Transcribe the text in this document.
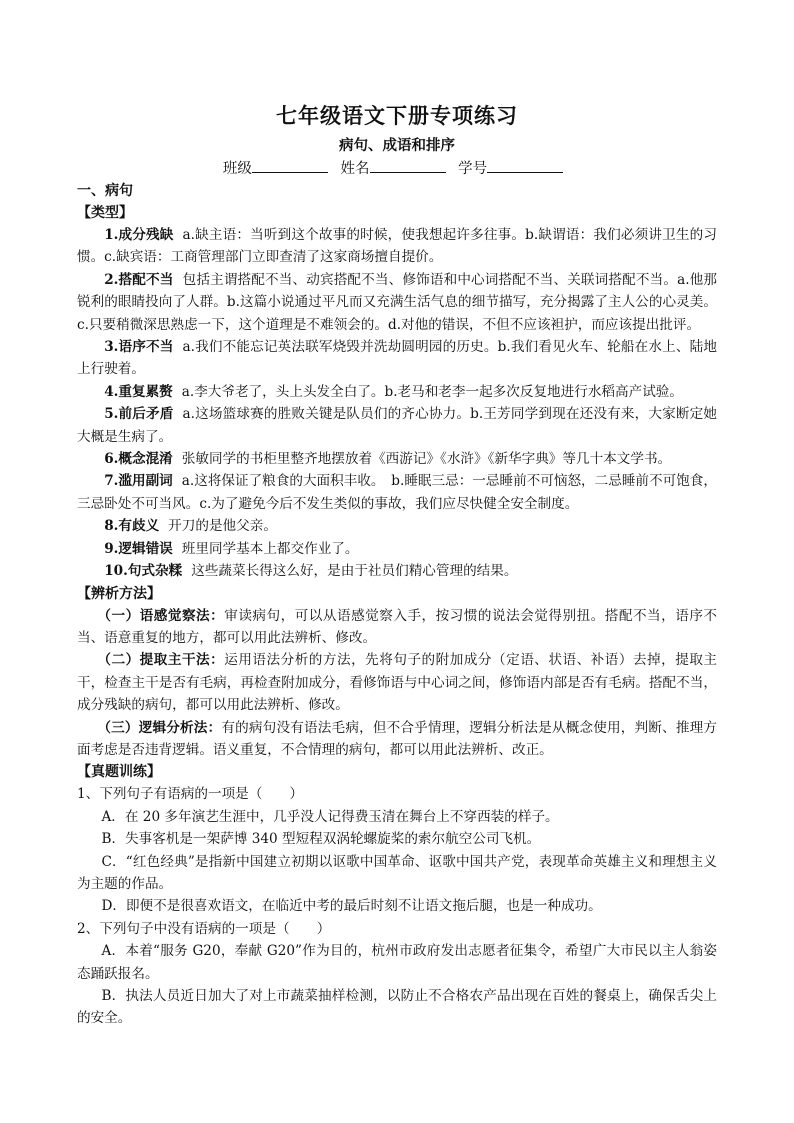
七年级语文下册专项练习
病句、成语和排序
班级	姓名	学号
一、病句
【类型】

1.成分残缺 a.缺主语：当听到这个故事的时候，使我想起许多往事。b.缺谓语：我们必须讲卫生的习惯。c.缺宾语：工商管理部门立即查清了这家商场擅自提价。

2.搭配不当 包括主谓搭配不当、动宾搭配不当、修饰语和中心词搭配不当、关联词搭配不当。a.他那锐利的眼睛投向了人群。b.这篇小说通过平凡而又充满生活气息的细节描写，充分揭露了主人公的心灵美。c.只要稍微深思熟虑一下，这个道理是不难领会的。d.对他的错误，不但不应该袒护，而应该提出批评。

3.语序不当 a.我们不能忘记英法联军烧毁并洗劫圆明园的历史。b.我们看见火车、轮船在水上、陆地上行驶着。

4.重复累赘 a.李大爷老了，头上头发全白了。b.老马和老李一起多次反复地进行水稻高产试验。

5.前后矛盾 a.这场篮球赛的胜败关键是队员们的齐心协力。b.王芳同学到现在还没有来，大家断定她大概是生病了。

6.概念混淆 张敏同学的书柜里整齐地摆放着《西游记》《水浒》《新华字典》等几十本文学书。

7.滥用副词 a.这将保证了粮食的大面积丰收。　b.睡眠三忌：一忌睡前不可恼怒，二忌睡前不可饱食，三忌卧处不可当风。c.为了避免今后不发生类似的事故，我们应尽快健全安全制度。

8.有歧义 开刀的是他父亲。

9.逻辑错误 班里同学基本上都交作业了。

10.句式杂糅 这些蔬菜长得这么好，是由于社员们精心管理的结果。

【辨析方法】

（一）语感觉察法：审读病句，可以从语感觉察入手，按习惯的说法会觉得别扭。搭配不当，语序不当、语意重复的地方，都可以用此法辨析、修改。

（二）提取主干法：运用语法分析的方法，先将句子的附加成分（定语、状语、补语）去掉，提取主干，检查主干是否有毛病，再检查附加成分，看修饰语与中心词之间，修饰语内部是否有毛病。搭配不当，成分残缺的病句，都可以用此法辨析、修改。

（三）逻辑分析法：有的病句没有语法毛病，但不合乎情理，逻辑分析法是从概念使用，判断、推理方面考虑是否违背逻辑。语义重复，不合情理的病句，都可以用此法辨析、改正。

【真题训练】
1、下列句子有语病的一项是（　　）

A．在 20 多年演艺生涯中，几乎没人记得费玉清在舞台上不穿西装的样子。

B．失事客机是一架萨博 340 型短程双涡轮螺旋桨的索尔航空公司飞机。

C．“红色经典”是指新中国建立初期以讴歌中国革命、讴歌中国共产党，表现革命英雄主义和理想主义为主题的作品。

D．即便不是很喜欢语文，在临近中考的最后时刻不让语文拖后腿，也是一种成功。

2、下列句子中没有语病的一项是（　　）

A．本着“服务 G20，奉献 G20”作为目的，杭州市政府发出志愿者征集令，希望广大市民以主人翁姿态踊跃报名。

B．执法人员近日加大了对上市蔬菜抽样检测，以防止不合格农产品出现在百姓的餐桌上，确保舌尖上的安全。
